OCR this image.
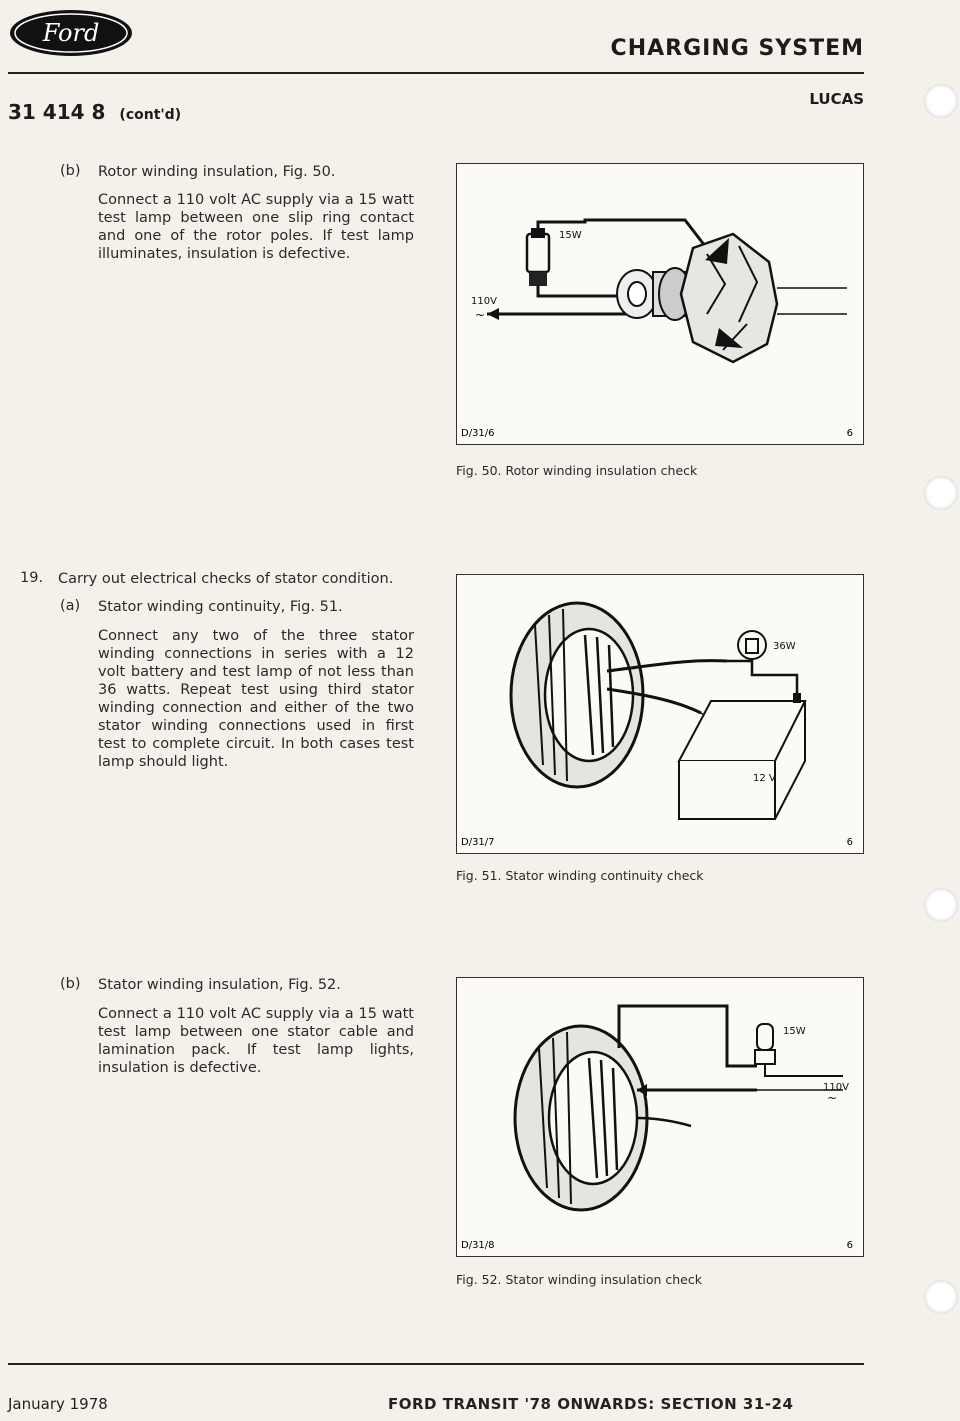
Ford
CHARGING SYSTEM
31 414 8 (cont'd)
LUCAS
(b) Rotor winding insulation, Fig. 50.
Connect a 110 volt AC supply via a 15 watt test lamp between one slip ring contact and one of the rotor poles. If test lamp illuminates, insulation is defective.
19. Carry out electrical checks of stator condition.
(a) Stator winding continuity, Fig. 51.
Connect any two of the three stator winding connections in series with a 12 volt battery and test lamp of not less than 36 watts. Repeat test using third stator winding connection and either of the two stator winding connections used in first test to complete circuit. In both cases test lamp should light.
(b) Stator winding insulation, Fig. 52.
Connect a 110 volt AC supply via a 15 watt test lamp between one stator cable and lamination pack. If test lamp lights, insulation is defective.
15W
110V
~
D/31/6	6
Fig. 50. Rotor winding insulation check
36W
12 V
D/31/7	6
Fig. 51. Stator winding continuity check
15W
110V
~
D/31/8	6
Fig. 52. Stator winding insulation check
January 1978	FORD TRANSIT '78 ONWARDS: SECTION 31-24
